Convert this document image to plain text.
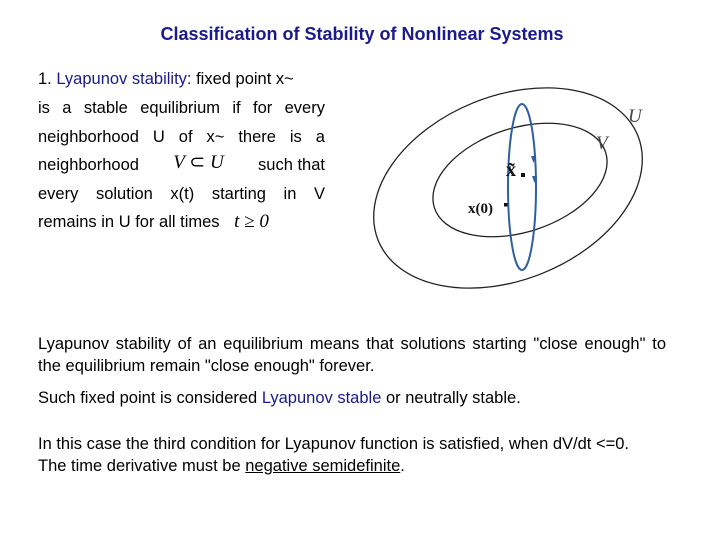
Classification of Stability of Nonlinear Systems
1. Lyapunov stability: fixed point x~
is a stable equilibrium if for every
neighborhood U of x~ there is a
neighborhood V ⊂ U such that
every solution x(t) starting in V
remains in U for all times t ≥ 0
U
V
x̃
x(0)
Lyapunov stability of an equilibrium means that solutions starting "close enough" to the equilibrium remain "close enough" forever.
Such fixed point is considered Lyapunov stable or neutrally stable.
In this case the third condition for Lyapunov function is satisfied, when dV/dt <=0.
The time derivative must be negative semidefinite.
